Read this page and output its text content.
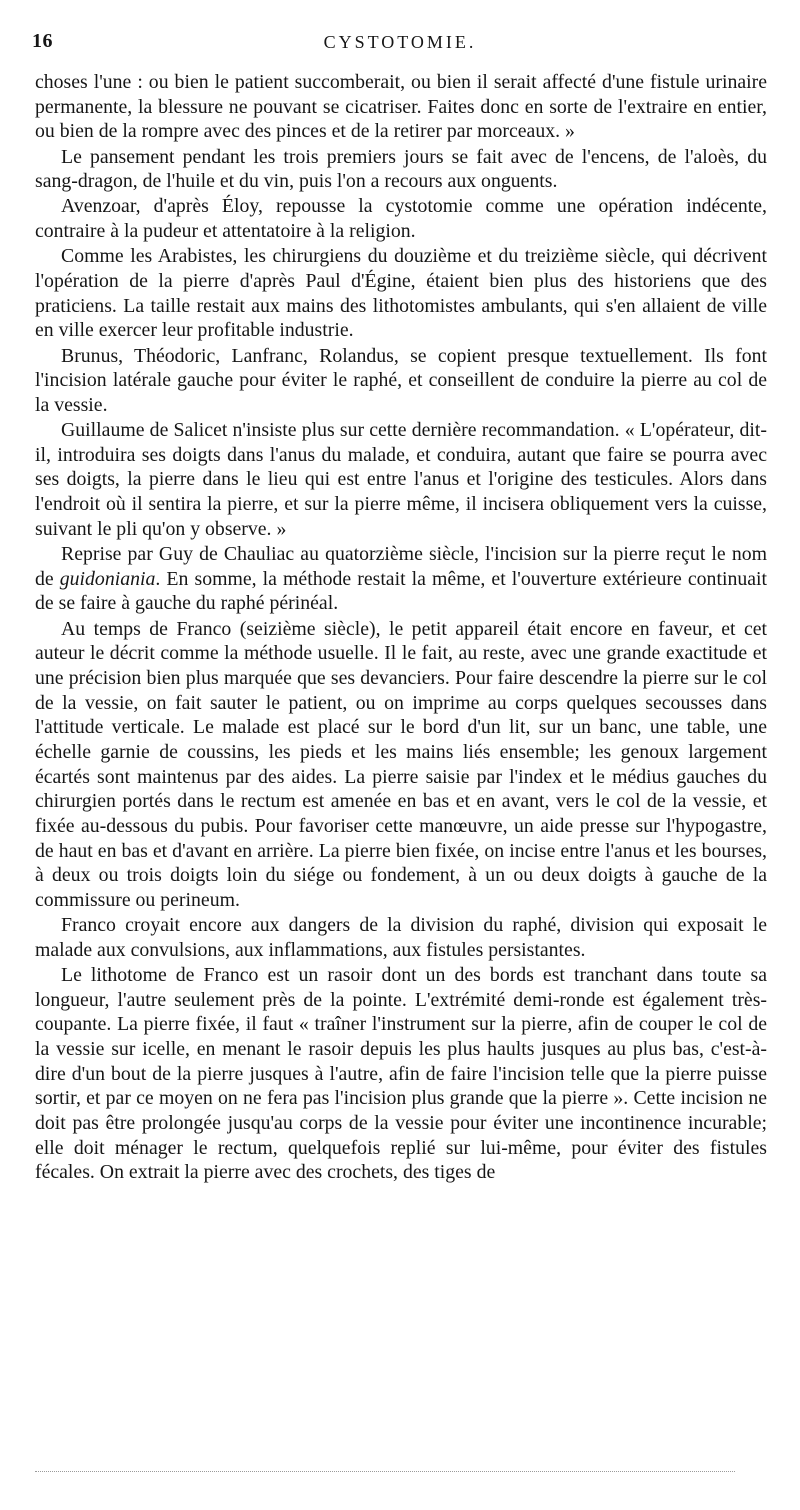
16	CYSTOTOMIE.

choses l'une : ou bien le patient succomberait, ou bien il serait affecté d'une fistule urinaire permanente, la blessure ne pouvant se cicatriser. Faites donc en sorte de l'extraire en entier, ou bien de la rompre avec des pinces et de la retirer par morceaux. »

Le pansement pendant les trois premiers jours se fait avec de l'encens, de l'aloès, du sang-dragon, de l'huile et du vin, puis l'on a recours aux onguents.

Avenzoar, d'après Éloy, repousse la cystotomie comme une opération indécente, contraire à la pudeur et attentatoire à la religion.

Comme les Arabistes, les chirurgiens du douzième et du treizième siècle, qui décrivent l'opération de la pierre d'après Paul d'Égine, étaient bien plus des historiens que des praticiens. La taille restait aux mains des lithotomistes ambulants, qui s'en allaient de ville en ville exercer leur profitable industrie.

Brunus, Théodoric, Lanfranc, Rolandus, se copient presque textuellement. Ils font l'incision latérale gauche pour éviter le raphé, et conseillent de conduire la pierre au col de la vessie.

Guillaume de Salicet n'insiste plus sur cette dernière recommandation. « L'opérateur, dit-il, introduira ses doigts dans l'anus du malade, et conduira, autant que faire se pourra avec ses doigts, la pierre dans le lieu qui est entre l'anus et l'origine des testicules. Alors dans l'endroit où il sentira la pierre, et sur la pierre même, il incisera obliquement vers la cuisse, suivant le pli qu'on y observe. »

Reprise par Guy de Chauliac au quatorzième siècle, l'incision sur la pierre reçut le nom de guidoniania. En somme, la méthode restait la même, et l'ouverture extérieure continuait de se faire à gauche du raphé périnéal.

Au temps de Franco (seizième siècle), le petit appareil était encore en faveur, et cet auteur le décrit comme la méthode usuelle. Il le fait, au reste, avec une grande exactitude et une précision bien plus marquée que ses devanciers. Pour faire descendre la pierre sur le col de la vessie, on fait sauter le patient, ou on imprime au corps quelques secousses dans l'attitude verticale. Le malade est placé sur le bord d'un lit, sur un banc, une table, une échelle garnie de coussins, les pieds et les mains liés ensemble; les genoux largement écartés sont maintenus par des aides. La pierre saisie par l'index et le médius gauches du chirurgien portés dans le rectum est amenée en bas et en avant, vers le col de la vessie, et fixée au-dessous du pubis. Pour favoriser cette manœuvre, un aide presse sur l'hypogastre, de haut en bas et d'avant en arrière. La pierre bien fixée, on incise entre l'anus et les bourses, à deux ou trois doigts loin du siége ou fondement, à un ou deux doigts à gauche de la commissure ou perineum.

Franco croyait encore aux dangers de la division du raphé, division qui exposait le malade aux convulsions, aux inflammations, aux fistules persistantes.

Le lithotome de Franco est un rasoir dont un des bords est tranchant dans toute sa longueur, l'autre seulement près de la pointe. L'extrémité demi-ronde est également très-coupante. La pierre fixée, il faut « traîner l'instrument sur la pierre, afin de couper le col de la vessie sur icelle, en menant le rasoir depuis les plus haults jusques au plus bas, c'est-à-dire d'un bout de la pierre jusques à l'autre, afin de faire l'incision telle que la pierre puisse sortir, et par ce moyen on ne fera pas l'incision plus grande que la pierre ». Cette incision ne doit pas être prolongée jusqu'au corps de la vessie pour éviter une incontinence incurable; elle doit ménager le rectum, quelquefois replié sur lui-même, pour éviter des fistules fécales. On extrait la pierre avec des crochets, des tiges de
